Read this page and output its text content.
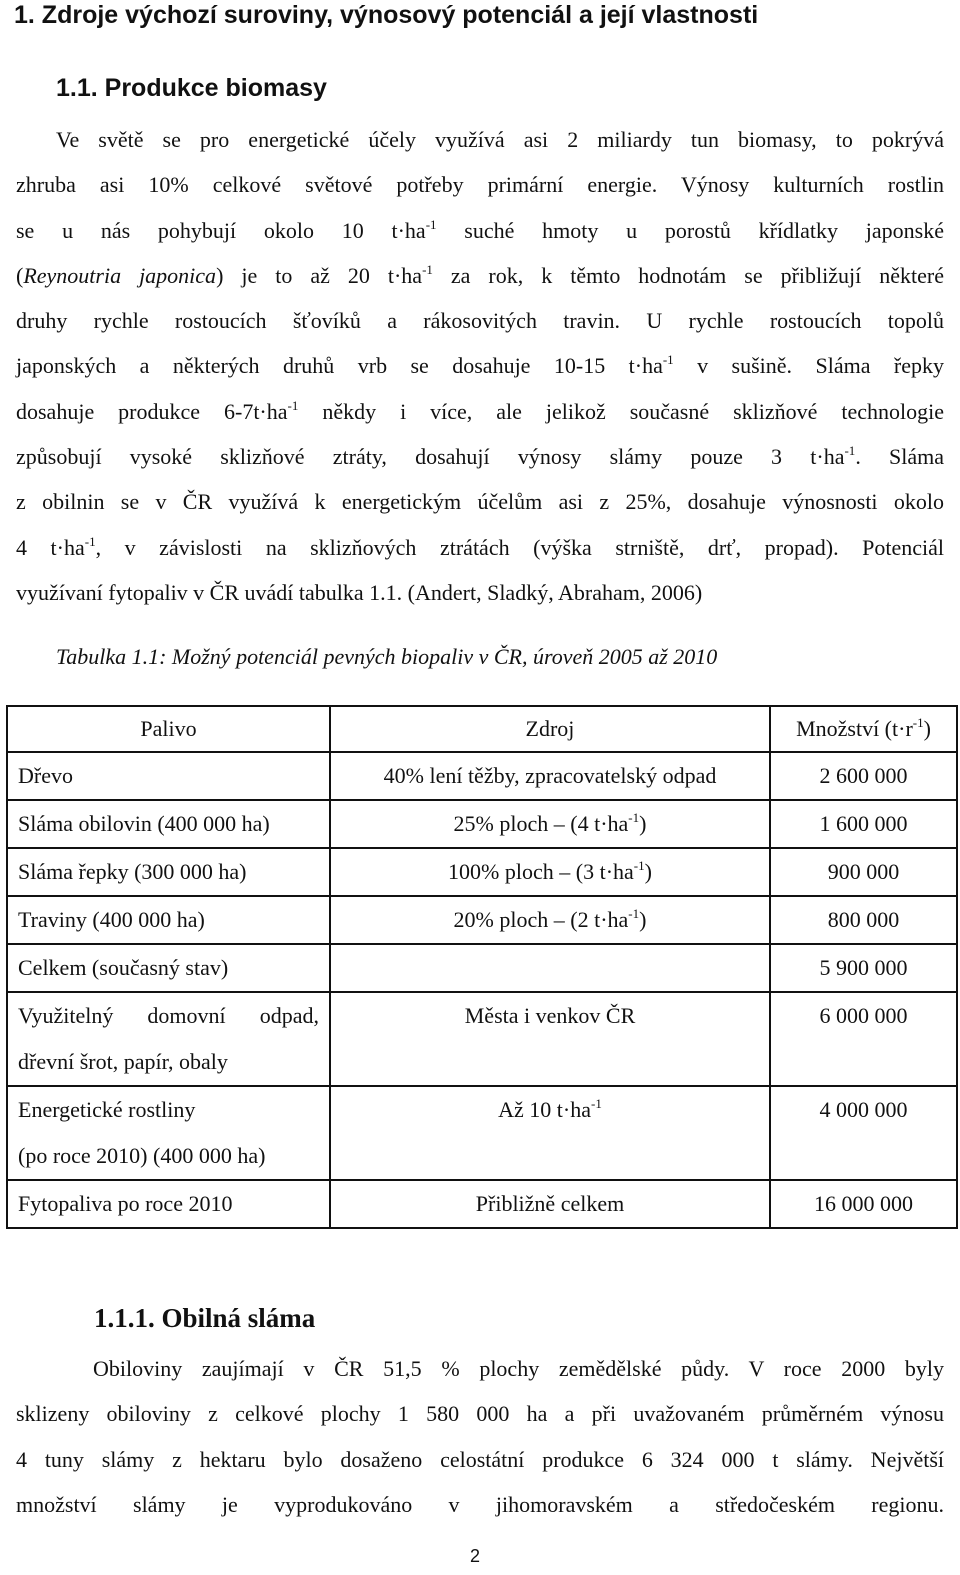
1. Zdroje výchozí suroviny, výnosový potenciál a její vlastnosti
1.1. Produkce biomasy
Ve světě se pro energetické účely využívá asi 2 miliardy tun biomasy, to pokrývá
zhruba asi 10% celkové světové potřeby primární energie. Výnosy kulturních rostlin
se u nás pohybují okolo 10 $t\cdot ha^{-1}$ suché hmoty u porostů křídlatky japonské
(Reynoutria japonica) je to až 20 $t\cdot ha^{-1}$ za rok, k těmto hodnotám se přibližují některé
druhy rychle rostoucích šťovíků a rákosovitých travin. U rychle rostoucích topolů
japonských a některých druhů vrb se dosahuje 10-15 $t\cdot ha^{-1}$ v sušině. Sláma řepky
dosahuje produkce $6-7t\cdot ha^{-1}$ někdy i více, ale jelikož současné sklizňové technologie
způsobují vysoké sklizňové ztráty, dosahují výnosy slámy pouze 3 $t\cdot ha^{-1}$. Sláma
z obilnin se v ČR využívá k energetickým účelům asi z 25%, dosahuje výnosnosti okolo
4 $t\cdot ha^{-1}$, v závislosti na sklizňových ztrátách (výška strniště, drť, propad). Potenciál
využívaní fytopaliv v ČR uvádí tabulka 1.1. (Andert, Sladký, Abraham, 2006)
Tabulka 1.1: Možný potenciál pevných biopaliv v ČR, úroveň 2005 až 2010
Palivo	Zdroj	Množství $(t\cdot r^{-1})$

Dřevo	40% lení těžby, zpracovatelský odpad	2 600 000

Sláma obilovin (400 000 ha)	25% ploch – (4 $t\cdot ha^{-1}$)	1 600 000

Sláma řepky (300 000 ha)	100% ploch – (3 $t\cdot ha^{-1}$)	900 000

Traviny (400 000 ha)	20% ploch – (2 $t\cdot ha^{-1}$)	800 000

Celkem (současný stav)		5 900 000

Využitelný domovní odpad,
dřevní šrot, papír, obaly	Města i venkov ČR	6 000 000

Energetické rostliny
(po roce 2010) (400 000 ha)	Až 10 $t\cdot ha^{-1}$	4 000 000

Fytopaliva po roce 2010	Přibližně celkem	16 000 000
1.1.1. Obilná sláma
Obiloviny zaujímají v ČR 51,5 % plochy zemědělské půdy. V roce 2000 byly
sklizeny obiloviny z celkové plochy 1 580 000 ha a při uvažovaném průměrném výnosu
4 tuny slámy z hektaru bylo dosaženo celostátní produkce 6 324 000 t slámy. Největší
množství slámy je vyprodukováno v jihomoravském a středočeském regionu.
2
